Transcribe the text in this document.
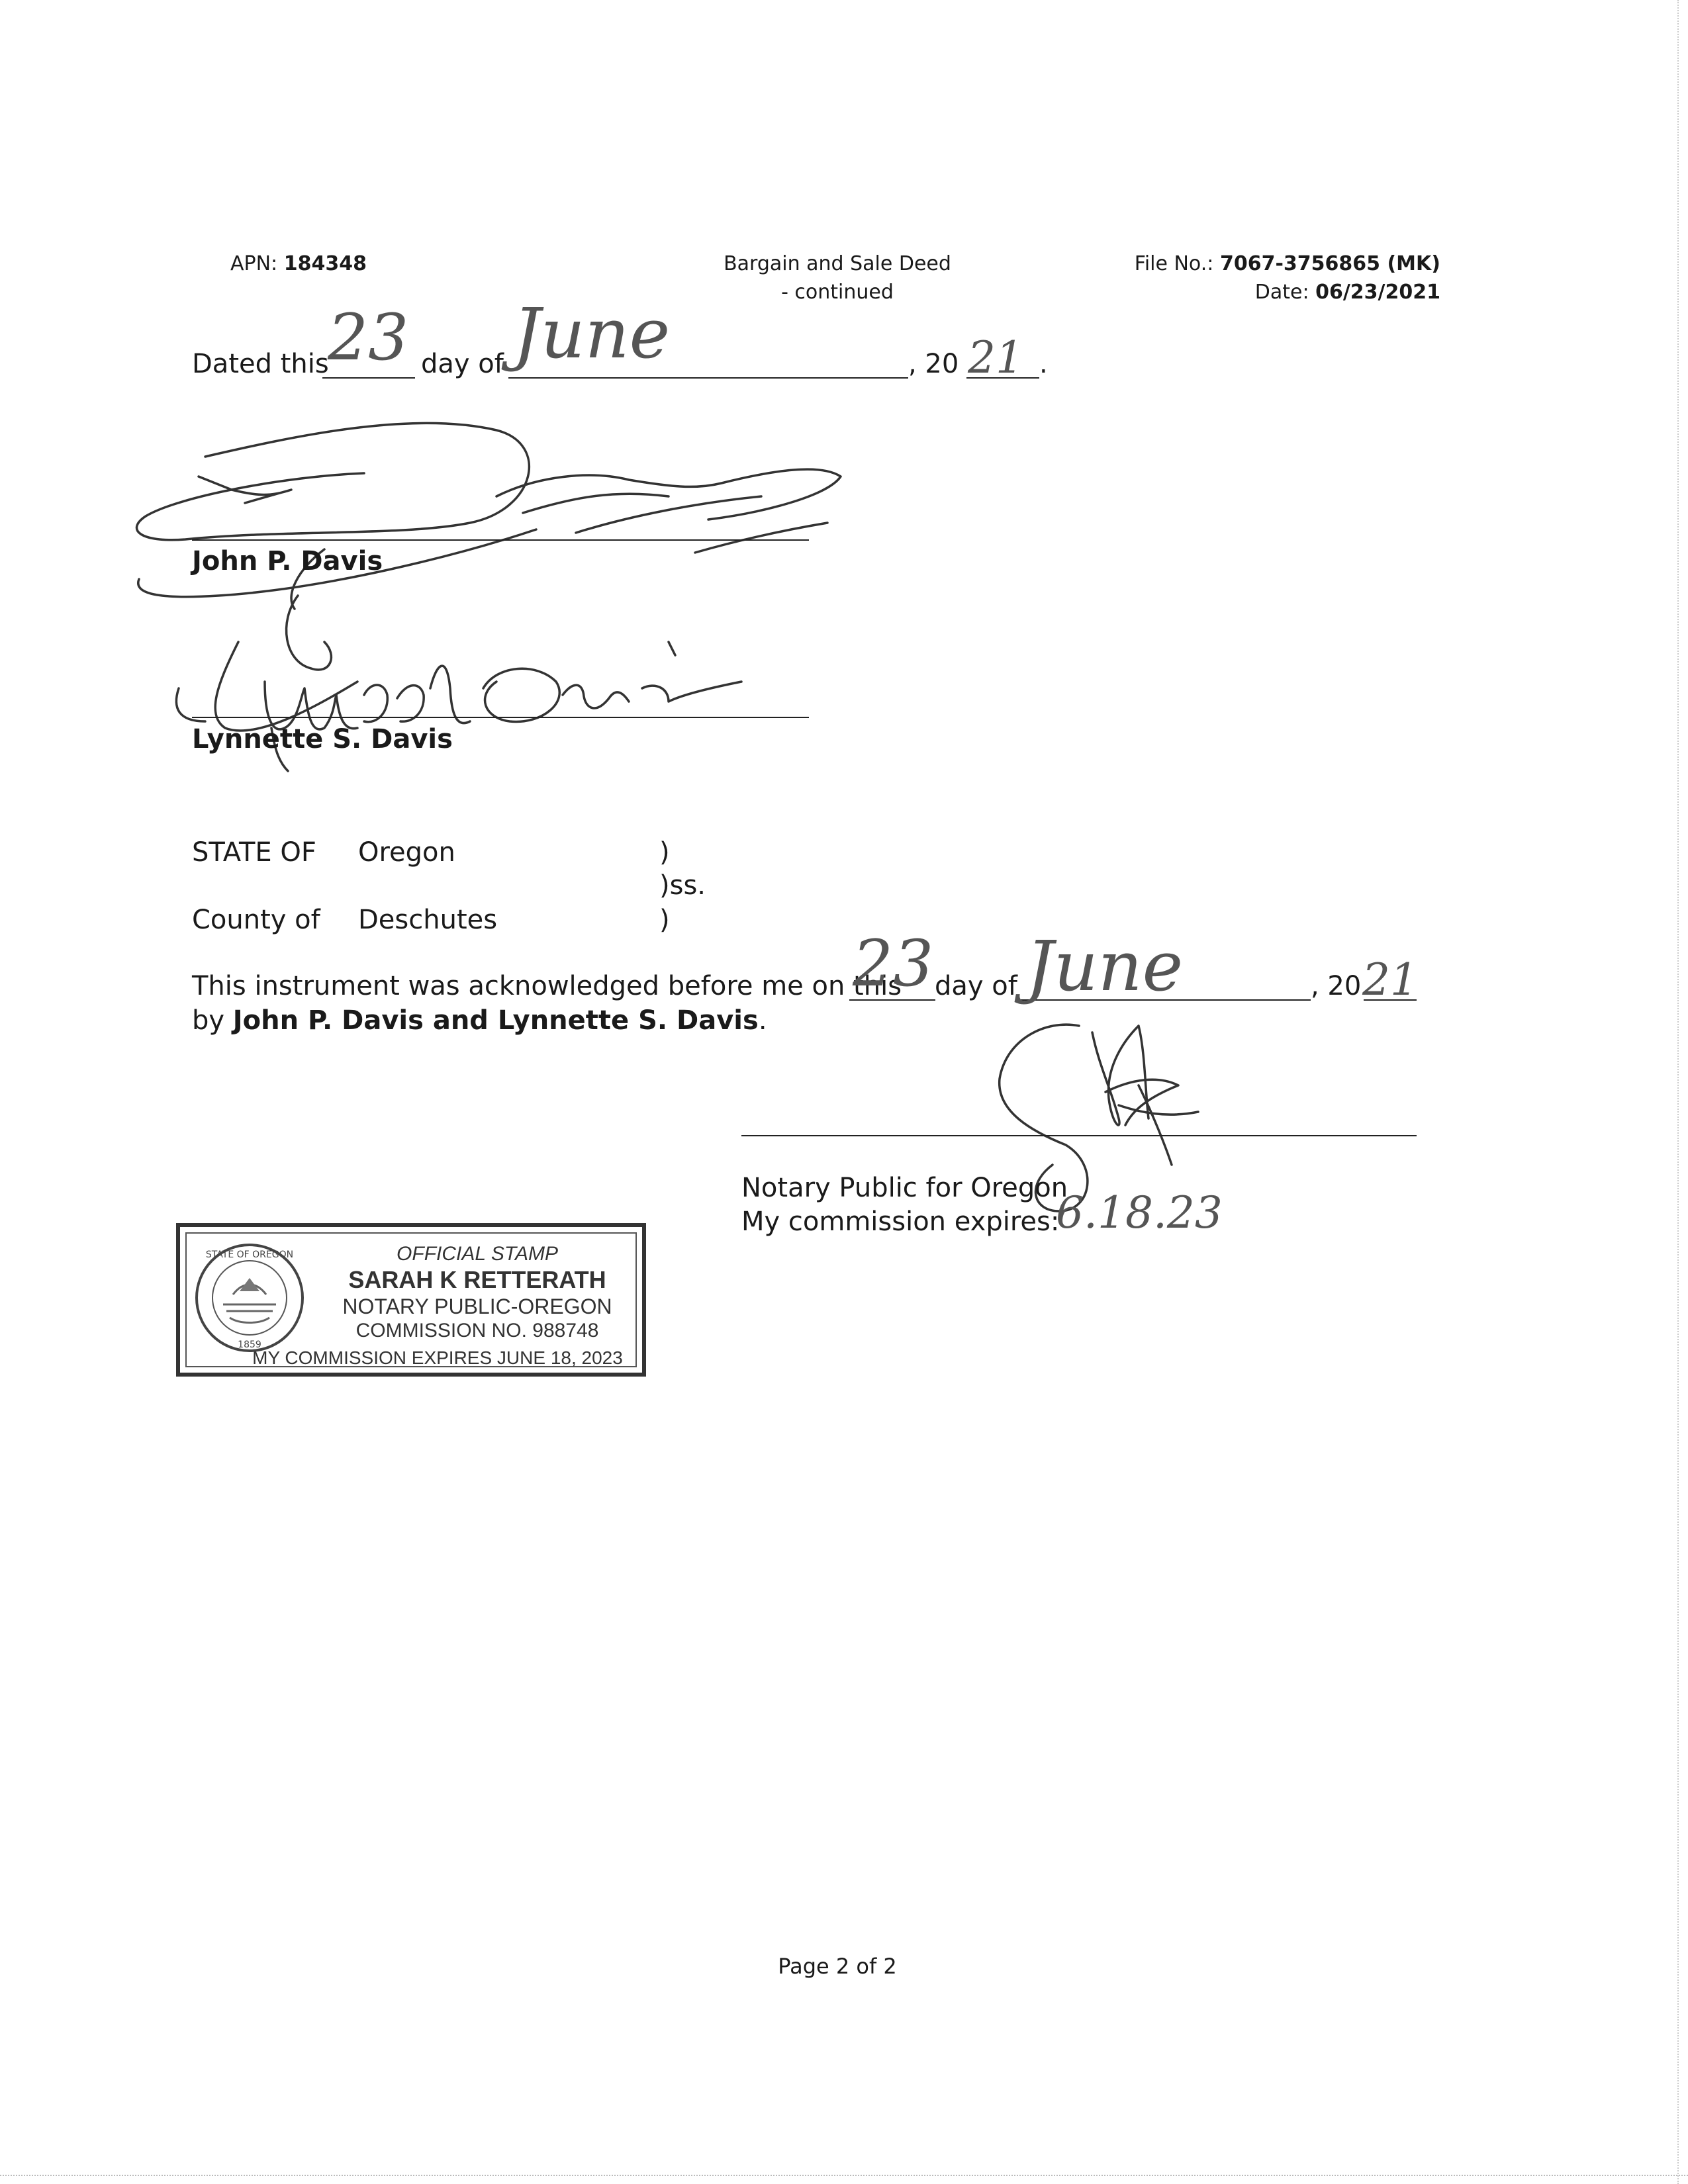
APN: 184348	Bargain and Sale Deed
- continued
File No.: 7067-3756865 (MK)
Date: 06/23/2021
Dated this
23 day of June	, 20 21 .
John P. Davis
Lynnette S. Davis
STATE OF Oregon	)
)ss.
County of Deschutes	)
This instrument was acknowledged before me on this
23 day of June	, 20 21
by John P. Davis and Lynnette S. Davis.
Notary Public for Oregon
My commission expires:
6.18.23
STATE OF OREGON
1859
OFFICIAL STAMP
SARAH K RETTERATH
NOTARY PUBLIC-OREGON
COMMISSION NO. 988748
MY COMMISSION EXPIRES JUNE 18, 2023
Page 2 of 2
